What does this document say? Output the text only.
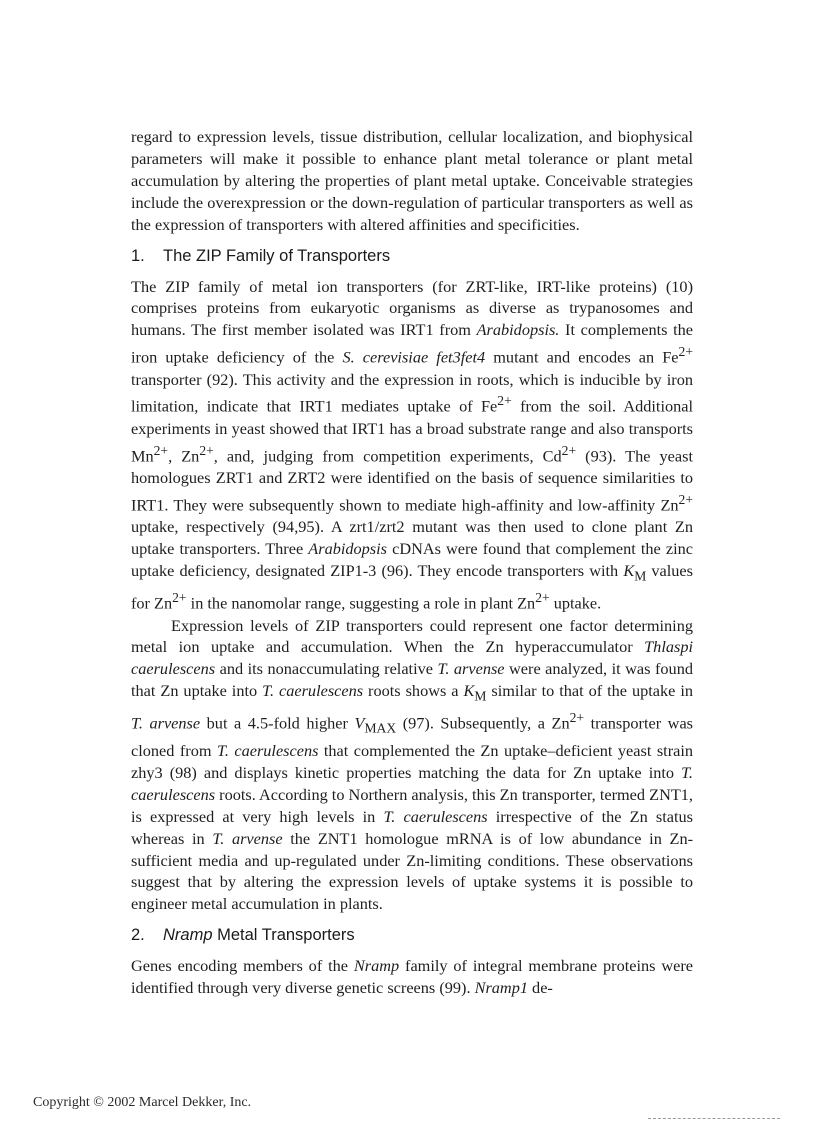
regard to expression levels, tissue distribution, cellular localization, and biophysical parameters will make it possible to enhance plant metal tolerance or plant metal accumulation by altering the properties of plant metal uptake. Conceivable strategies include the overexpression or the down-regulation of particular transporters as well as the expression of transporters with altered affinities and specificities.

1. The ZIP Family of Transporters

The ZIP family of metal ion transporters (for ZRT-like, IRT-like proteins) (10) comprises proteins from eukaryotic organisms as diverse as trypanosomes and humans. The first member isolated was IRT1 from Arabidopsis. It complements the iron uptake deficiency of the S. cerevisiae fet3fet4 mutant and encodes an $Fe^{2+}$ transporter (92). This activity and the expression in roots, which is inducible by iron limitation, indicate that IRT1 mediates uptake of $Fe^{2+}$ from the soil. Additional experiments in yeast showed that IRT1 has a broad substrate range and also transports $Mn^{2+}$, $Zn^{2+}$, and, judging from competition experiments, $Cd^{2+}$ (93). The yeast homologues ZRT1 and ZRT2 were identified on the basis of sequence similarities to IRT1. They were subsequently shown to mediate high-affinity and low-affinity $Zn^{2+}$ uptake, respectively (94,95). A zrt1/zrt2 mutant was then used to clone plant Zn uptake transporters. Three Arabidopsis cDNAs were found that complement the zinc uptake deficiency, designated ZIP1-3 (96). They encode transporters with $K_M$ values for $Zn^{2+}$ in the nanomolar range, suggesting a role in plant $Zn^{2+}$ uptake.

Expression levels of ZIP transporters could represent one factor determining metal ion uptake and accumulation. When the Zn hyperaccumulator Thlaspi caerulescens and its nonaccumulating relative T. arvense were analyzed, it was found that Zn uptake into T. caerulescens roots shows a $K_M$ similar to that of the uptake in T. arvense but a 4.5-fold higher $V_{MAX}$ (97). Subsequently, a $Zn^{2+}$ transporter was cloned from T. caerulescens that complemented the Zn uptake–deficient yeast strain zhy3 (98) and displays kinetic properties matching the data for Zn uptake into T. caerulescens roots. According to Northern analysis, this Zn transporter, termed ZNT1, is expressed at very high levels in T. caerulescens irrespective of the Zn status whereas in T. arvense the ZNT1 homologue mRNA is of low abundance in Zn-sufficient media and up-regulated under Zn-limiting conditions. These observations suggest that by altering the expression levels of uptake systems it is possible to engineer metal accumulation in plants.

2. Nramp Metal Transporters

Genes encoding members of the Nramp family of integral membrane proteins were identified through very diverse genetic screens (99). Nramp1 de-

Copyright © 2002 Marcel Dekker, Inc.
